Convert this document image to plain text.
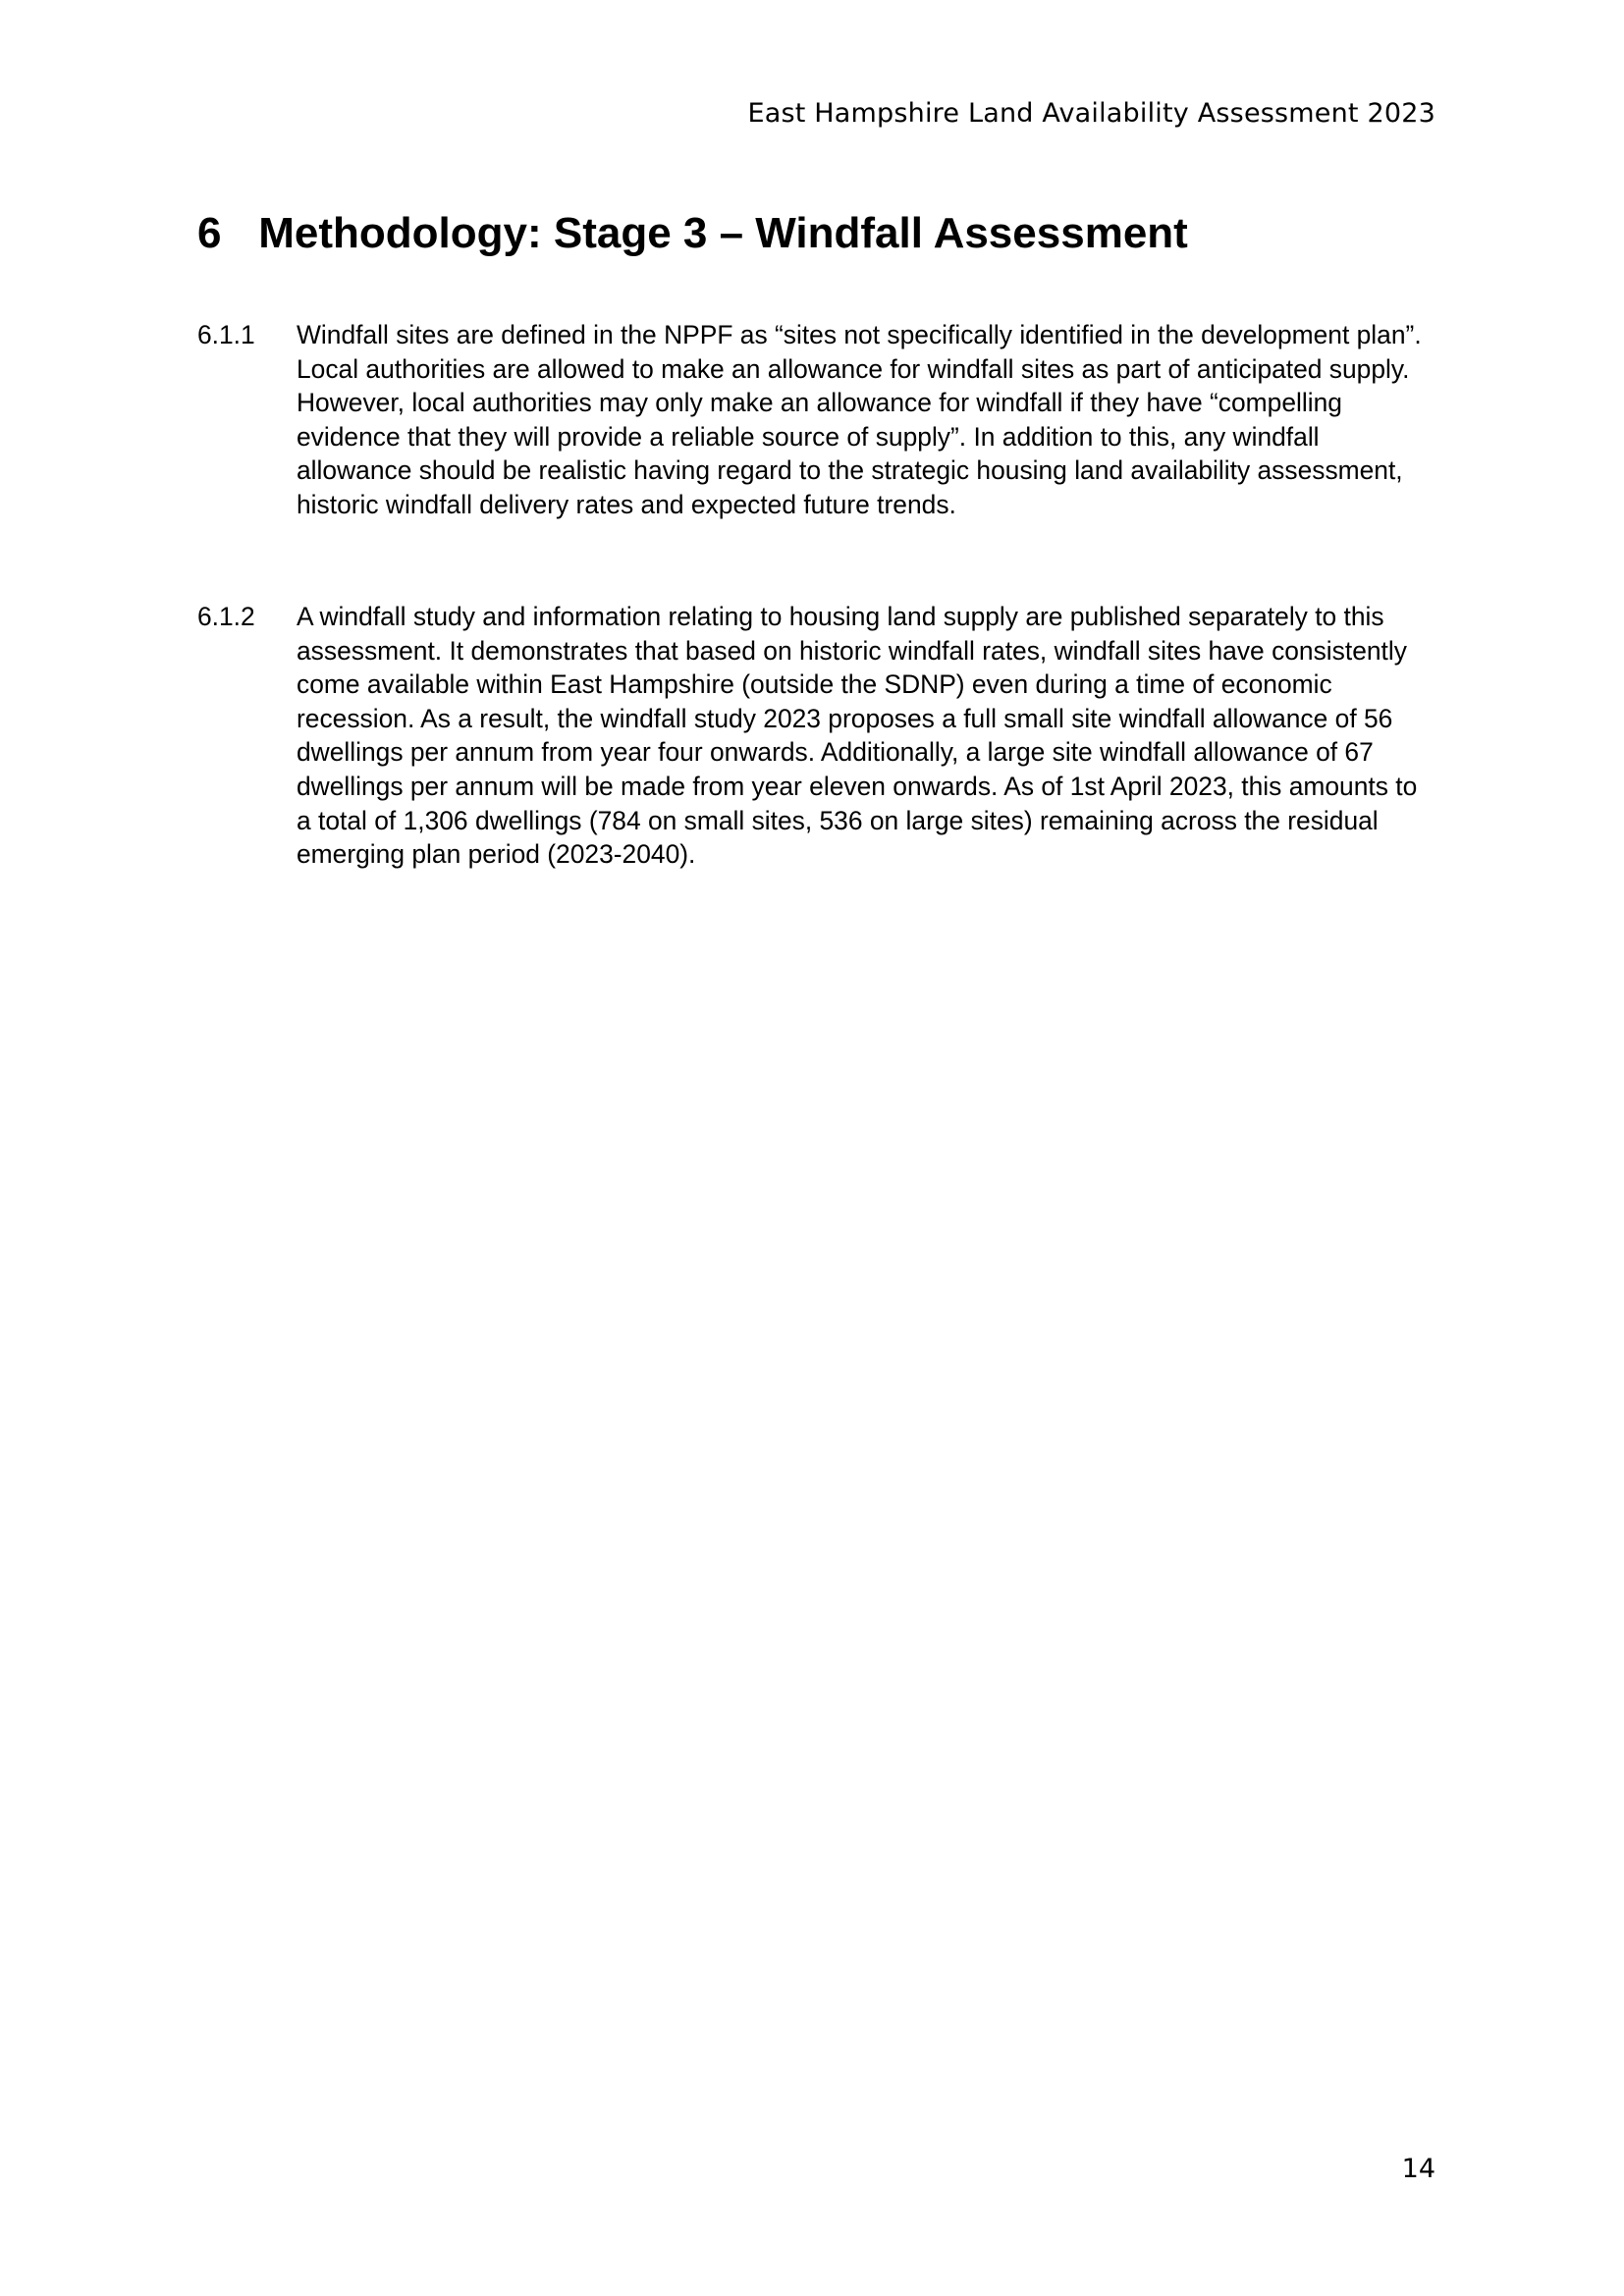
East Hampshire Land Availability Assessment 2023
6 Methodology: Stage 3 – Windfall Assessment
6.1.1 Windfall sites are defined in the NPPF as “sites not specifically identified in the development plan”. Local authorities are allowed to make an allowance for windfall sites as part of anticipated supply. However, local authorities may only make an allowance for windfall if they have “compelling evidence that they will provide a reliable source of supply”. In addition to this, any windfall allowance should be realistic having regard to the strategic housing land availability assessment, historic windfall delivery rates and expected future trends.
6.1.2 A windfall study and information relating to housing land supply are published separately to this assessment. It demonstrates that based on historic windfall rates, windfall sites have consistently come available within East Hampshire (outside the SDNP) even during a time of economic recession. As a result, the windfall study 2023 proposes a full small site windfall allowance of 56 dwellings per annum from year four onwards. Additionally, a large site windfall allowance of 67 dwellings per annum will be made from year eleven onwards. As of 1st April 2023, this amounts to a total of 1,306 dwellings (784 on small sites, 536 on large sites) remaining across the residual emerging plan period (2023-2040).
14
